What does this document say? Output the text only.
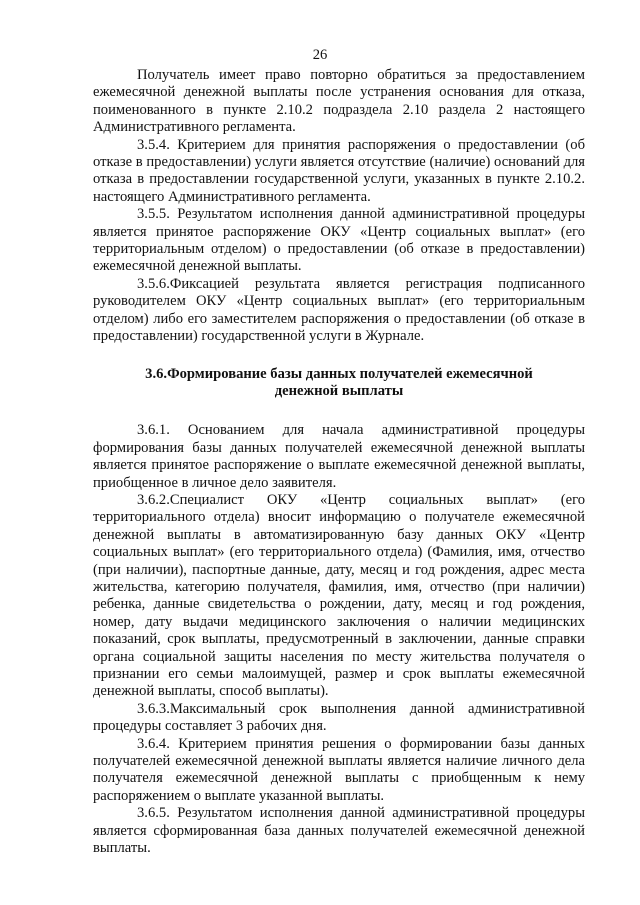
26

Получатель имеет право повторно обратиться за предоставлением ежемесячной денежной выплаты после устранения основания для отказа, поименованного в пункте 2.10.2 подраздела 2.10 раздела 2 настоящего Административного регламента.

3.5.4. Критерием для принятия распоряжения о предоставлении (об отказе в предоставлении) услуги является отсутствие (наличие) оснований для отказа в предоставлении государственной услуги, указанных в пункте 2.10.2. настоящего Административного регламента.

3.5.5. Результатом исполнения данной административной процедуры является принятое распоряжение ОКУ «Центр социальных выплат» (его территориальным отделом) о предоставлении (об отказе в предоставлении) ежемесячной денежной выплаты.

3.5.6.Фиксацией результата является регистрация подписанного руководителем ОКУ «Центр социальных выплат» (его территориальным отделом) либо его заместителем распоряжения о предоставлении (об отказе в предоставлении) государственной услуги в Журнале.

3.6.Формирование базы данных получателей ежемесячной денежной выплаты

3.6.1. Основанием для начала административной процедуры формирования базы данных получателей ежемесячной денежной выплаты является принятое распоряжение о выплате ежемесячной денежной выплаты, приобщенное в личное дело заявителя.

3.6.2.Специалист ОКУ «Центр социальных выплат» (его территориального отдела) вносит информацию о получателе ежемесячной денежной выплаты в автоматизированную базу данных ОКУ «Центр социальных выплат» (его территориального отдела) (Фамилия, имя, отчество (при наличии), паспортные данные, дату, месяц и год рождения, адрес места жительства, категорию получателя, фамилия, имя, отчество (при наличии) ребенка, данные свидетельства о рождении, дату, месяц и год рождения, номер, дату выдачи медицинского заключения о наличии медицинских показаний, срок выплаты, предусмотренный в заключении, данные справки органа социальной защиты населения по месту жительства получателя о признании его семьи малоимущей, размер и срок выплаты ежемесячной денежной выплаты, способ выплаты).

3.6.3.Максимальный срок выполнения данной административной процедуры составляет 3 рабочих дня.

3.6.4. Критерием принятия решения о формировании базы данных получателей ежемесячной денежной выплаты является наличие личного дела получателя ежемесячной денежной выплаты с приобщенным к нему распоряжением о выплате указанной выплаты.

3.6.5. Результатом исполнения данной административной процедуры является сформированная база данных получателей ежемесячной денежной выплаты.
